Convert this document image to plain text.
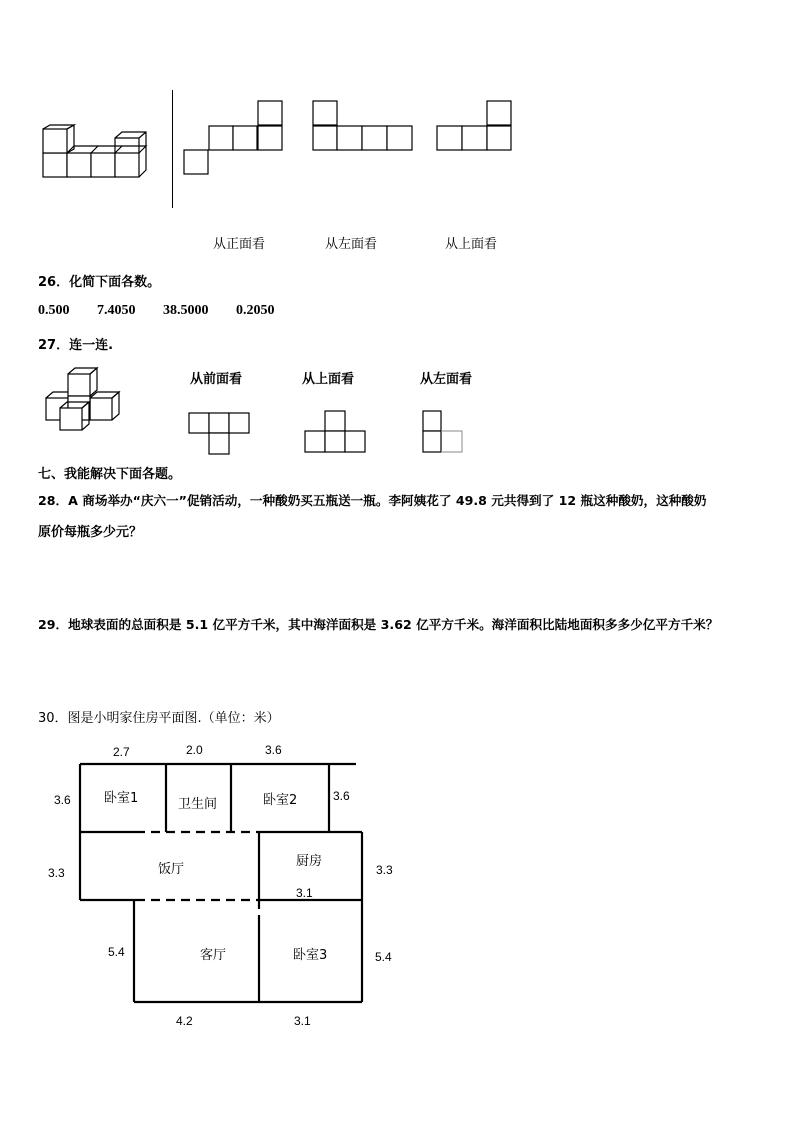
从正面看	从左面看	从上面看
26．化简下面各数。
0.500 7.4050 38.5000 0.2050
27．连一连.
从前面看	从上面看	从左面看
七、我能解决下面各题。
28．A 商场举办“庆六一”促销活动，一种酸奶买五瓶送一瓶。李阿姨花了 49.8 元共得到了 12 瓶这种酸奶，这种酸奶
原价每瓶多少元？
29．地球表面的总面积是 5.1 亿平方千米，其中海洋面积是 3.62 亿平方千米。海洋面积比陆地面积多多少亿平方千米？
30．图是小明家住房平面图.（单位：米）
卧室1	卫生间	卧室2
厨房
饭厅
客厅	卧室3
2.7	2.0	3.6
3.6	3.6
3.3	3.3
3.1
5.4	5.4
4.2	3.1
